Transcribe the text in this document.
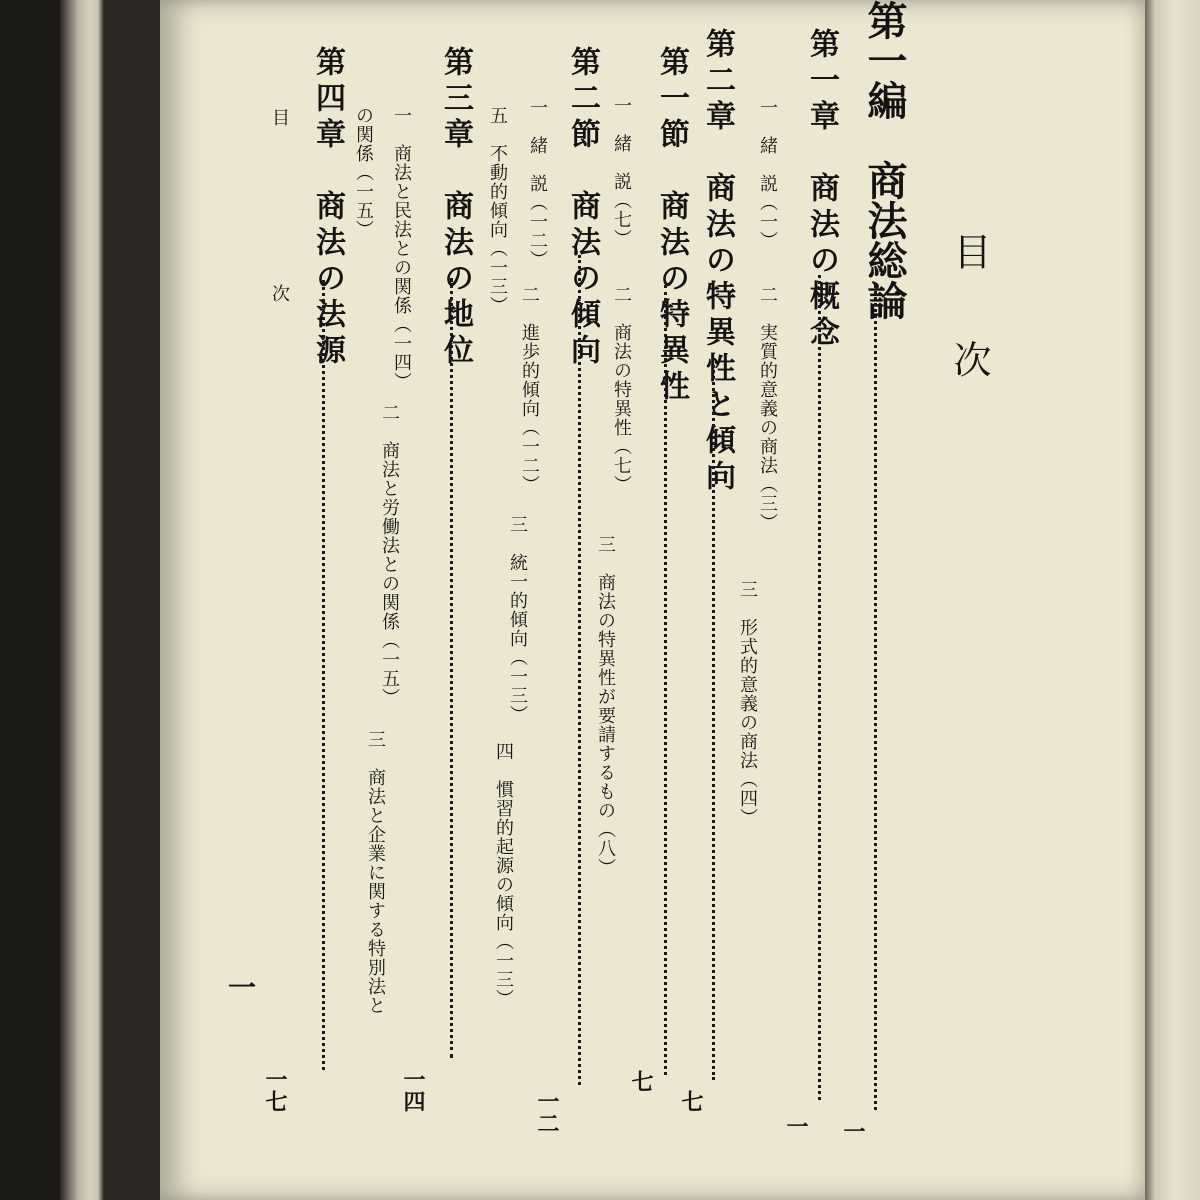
目次
第一編　商法総論
一
第一章　商法の概念
一
一　緒　説（一）
二　実質的意義の商法（三）
三　形式的意義の商法（四）
第二章　商法の特異性と傾向
七
第一節　商法の特異性
七
一　緒　説（七）
二　商法の特異性（七）
三　商法の特異性が要請するもの（八）
第二節　商法の傾向
一二
一　緒　説（一二）
二　進歩的傾向（一二）
三　統一的傾向（一三）
四　慣習的起源の傾向（一三）
五　不動的傾向（一三）
第三章　商法の地位
一四
一　商法と民法との関係（一四）
二　商法と労働法との関係（一五）
三　商法と企業に関する特別法と
の関係（一五）
第四章　商法の法源
一七
目　次
一
